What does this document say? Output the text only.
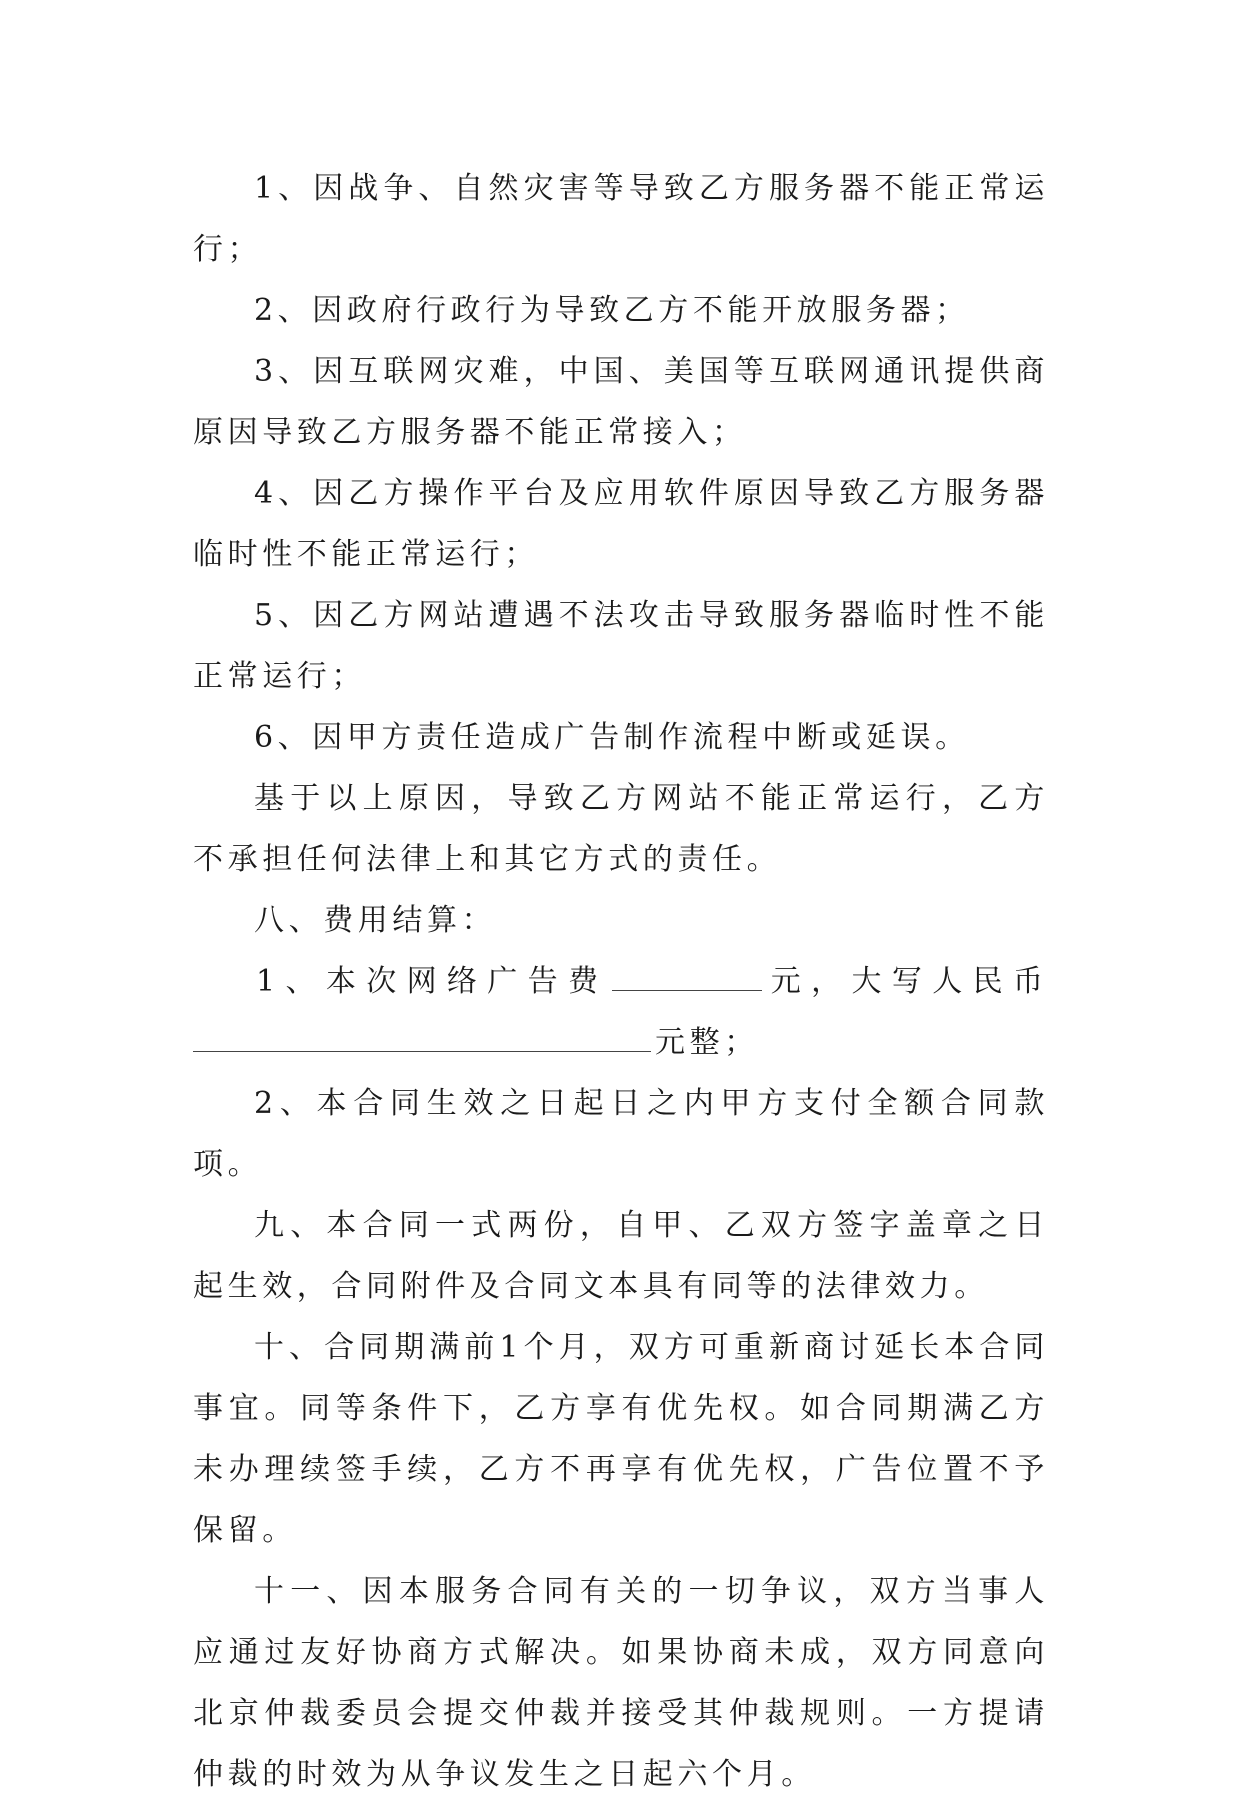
1、因战争、自然灾害等导致乙方服务器不能正常运行；

2、因政府行政行为导致乙方不能开放服务器；

3、因互联网灾难，中国、美国等互联网通讯提供商原因导致乙方服务器不能正常接入；

4、因乙方操作平台及应用软件原因导致乙方服务器临时性不能正常运行；

5、因乙方网站遭遇不法攻击导致服务器临时性不能正常运行；

6、因甲方责任造成广告制作流程中断或延误。

基于以上原因，导致乙方网站不能正常运行，乙方不承担任何法律上和其它方式的责任。

八、费用结算：

1、本次网络广告费	元，大写人民币

元整；

2、本合同生效之日起日之内甲方支付全额合同款项。

九、本合同一式两份，自甲、乙双方签字盖章之日起生效，合同附件及合同文本具有同等的法律效力。

十、合同期满前1个月，双方可重新商讨延长本合同事宜。同等条件下，乙方享有优先权。如合同期满乙方未办理续签手续，乙方不再享有优先权，广告位置不予保留。

十一、因本服务合同有关的一切争议，双方当事人应通过友好协商方式解决。如果协商未成，双方同意向北京仲裁委员会提交仲裁并接受其仲裁规则。一方提请仲裁的时效为从争议发生之日起六个月。
